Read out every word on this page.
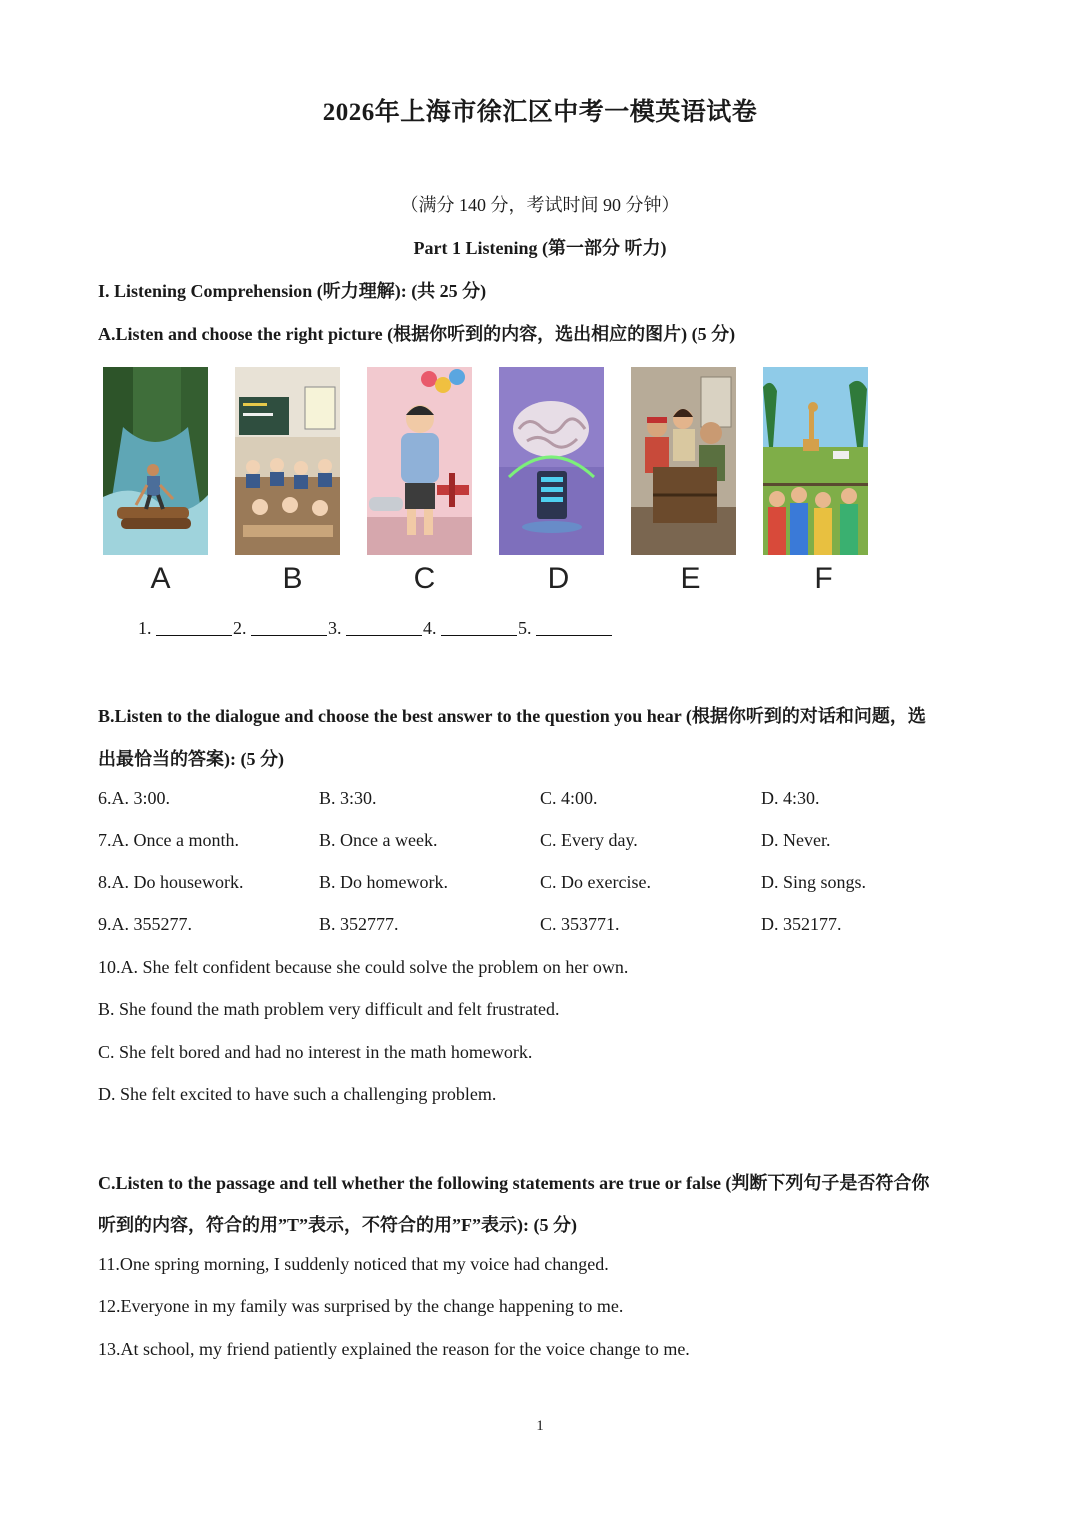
2026年上海市徐汇区中考一模英语试卷
（满分 140 分，考试时间 90 分钟）
Part 1 Listening (第一部分 听力)
I. Listening Comprehension (听力理解): (共 25 分)
A.Listen and choose the right picture (根据你听到的内容，选出相应的图片) (5 分)
A	B	C	D	E	F
1.	2.	3.	4.	5.
B.Listen to the dialogue and choose the best answer to the question you hear (根据你听到的对话和问题，选
出最恰当的答案): (5 分)
6.A. 3:00.	B. 3:30.	C. 4:00.	D. 4:30.
7.A. Once a month.	B. Once a week.	C. Every day.	D. Never.
8.A. Do housework.	B. Do homework.	C. Do exercise.	D. Sing songs.
9.A. 355277.	B. 352777.	C. 353771.	D. 352177.
10.A. She felt confident because she could solve the problem on her own.
B. She found the math problem very difficult and felt frustrated.
C. She felt bored and had no interest in the math homework.
D. She felt excited to have such a challenging problem.
C.Listen to the passage and tell whether the following statements are true or false (判断下列句子是否符合你
听到的内容，符合的用”T”表示，不符合的用”F”表示): (5 分)
11.One spring morning, I suddenly noticed that my voice had changed.
12.Everyone in my family was surprised by the change happening to me.
13.At school, my friend patiently explained the reason for the voice change to me.
1
